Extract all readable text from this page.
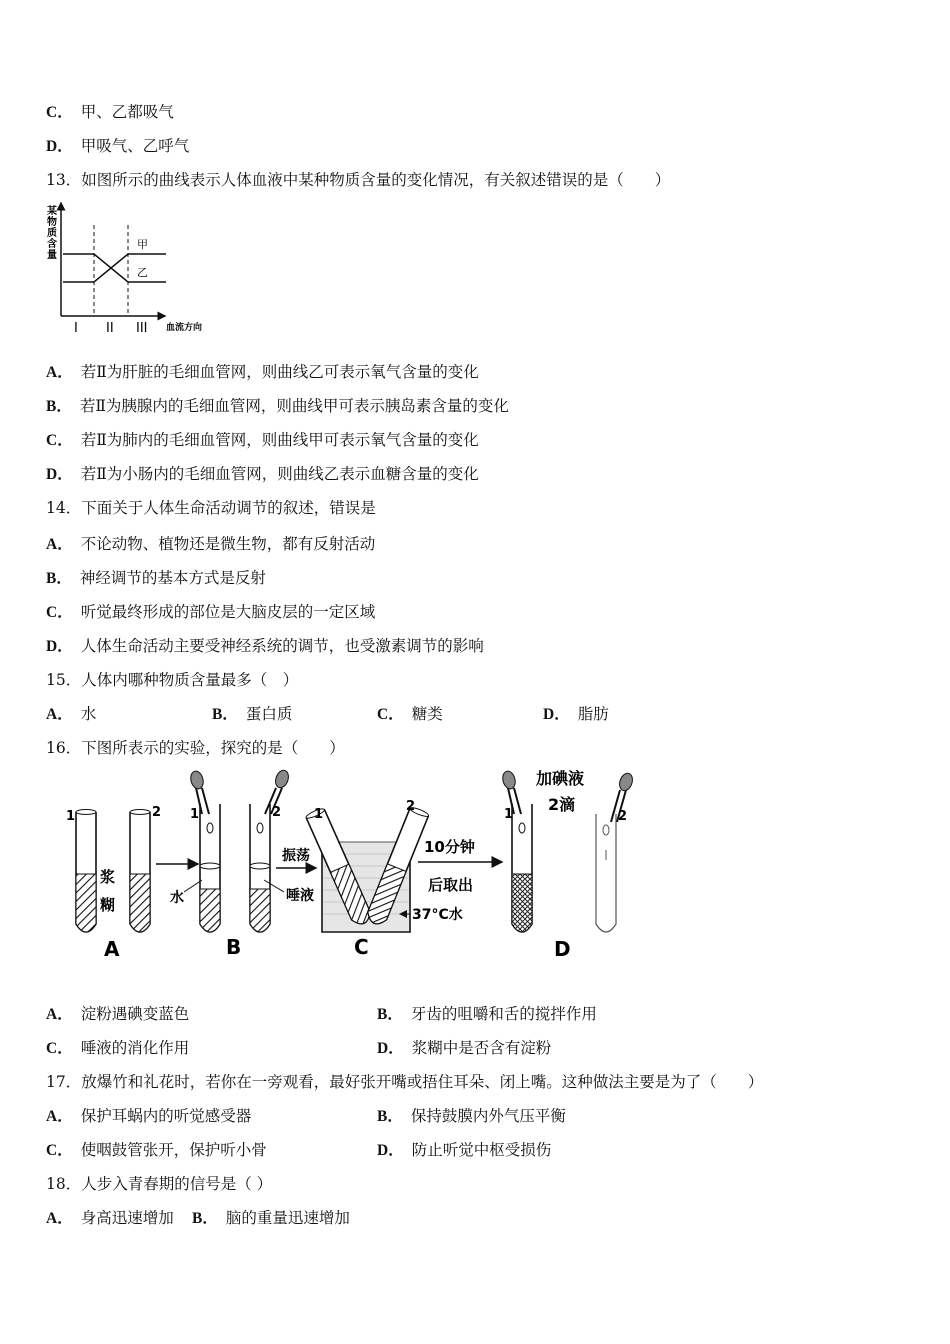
C． 甲、乙都吸气
D． 甲吸气、乙呼气
13．如图所示的曲线表示人体血液中某种物质含量的变化情况，有关叙述错误的是（　　）
某
物
质
含
量
甲
乙
I II III 血流方向
A． 若Ⅱ为肝脏的毛细血管网，则曲线乙可表示氧气含量的变化
B． 若Ⅱ为胰腺内的毛细血管网，则曲线甲可表示胰岛素含量的变化
C． 若Ⅱ为肺内的毛细血管网，则曲线甲可表示氧气含量的变化
D． 若Ⅱ为小肠内的毛细血管网，则曲线乙表示血糖含量的变化
14．下面关于人体生命活动调节的叙述，错误是
A． 不论动物、植物还是微生物，都有反射活动
B． 神经调节的基本方式是反射
C． 听觉最终形成的部位是大脑皮层的一定区域
D． 人体生命活动主要受神经系统的调节，也受激素调节的影响
15．人体内哪种物质含量最多（　）
A． 水	B． 蛋白质	C． 糖类	D． 脂肪
16．下图所表示的实验，探究的是（　　）
1	2
浆
糊
A
1	2
水	唾液
振荡
B
1
2
37°C水
C
10分钟
后取出
1	2
加碘液
2滴
D
A． 淀粉遇碘变蓝色	B． 牙齿的咀嚼和舌的搅拌作用
C． 唾液的消化作用	D． 浆糊中是否含有淀粉
17．放爆竹和礼花时，若你在一旁观看，最好张开嘴或捂住耳朵、闭上嘴。这种做法主要是为了（　　）
A． 保护耳蜗内的听觉感受器	B． 保持鼓膜内外气压平衡
C． 使咽鼓管张开，保护听小骨	D． 防止听觉中枢受损伤
18．人步入青春期的信号是（ ）
A． 身高迅速增加 B． 脑的重量迅速增加
